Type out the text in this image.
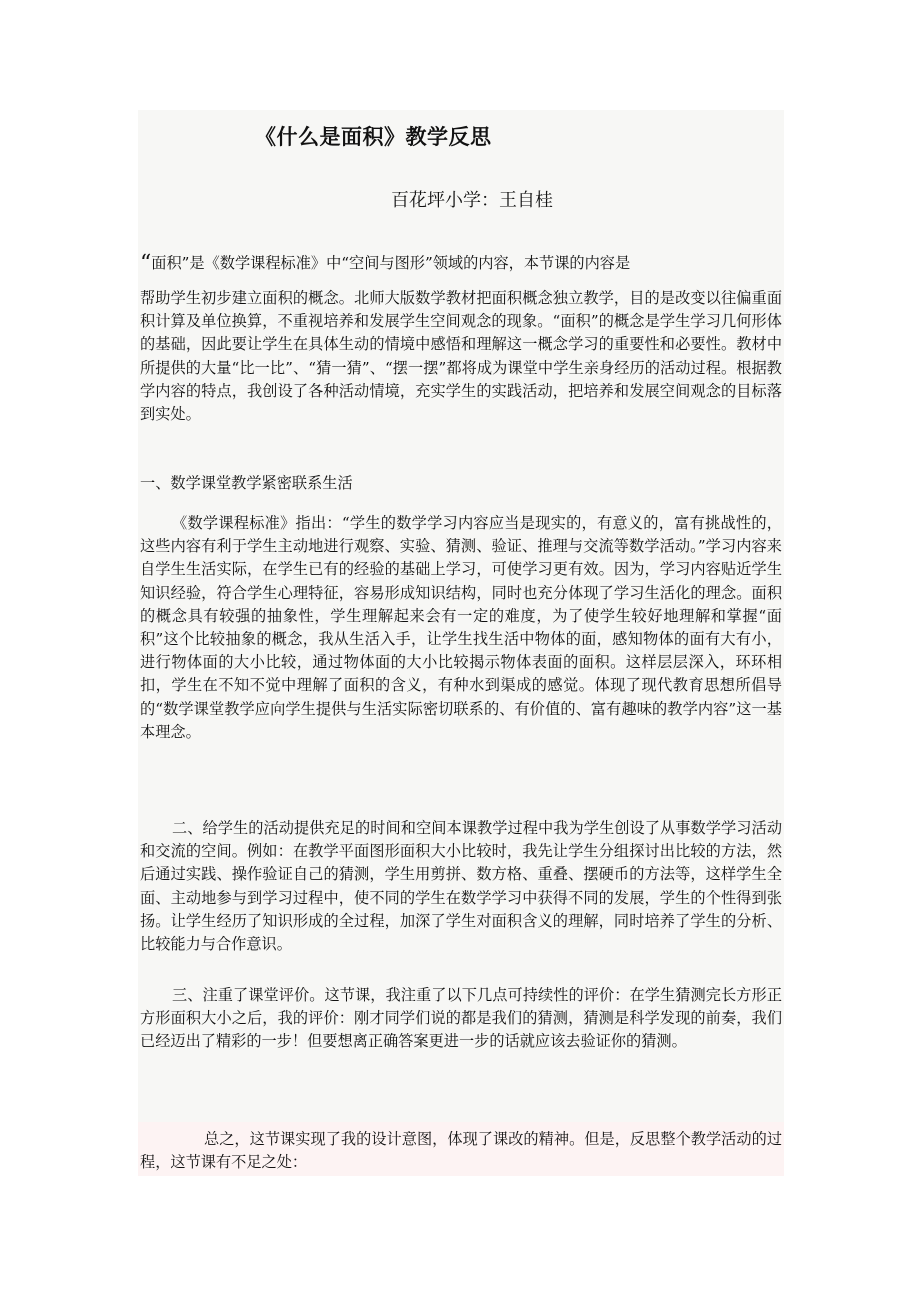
《什么是面积》教学反思
百花坪小学：王自桂
“面积”是《数学课程标准》中“空间与图形”领域的内容，本节课的内容是

帮助学生初步建立面积的概念。北师大版数学教材把面积概念独立教学，目的是改变以往偏重面积计算及单位换算，不重视培养和发展学生空间观念的现象。“面积”的概念是学生学习几何形体的基础，因此要让学生在具体生动的情境中感悟和理解这一概念学习的重要性和必要性。教材中所提供的大量“比一比”、“猜一猜”、“摆一摆”都将成为课堂中学生亲身经历的活动过程。根据教学内容的特点，我创设了各种活动情境，充实学生的实践活动，把培养和发展空间观念的目标落到实处。

一、数学课堂教学紧密联系生活

《数学课程标准》指出：“学生的数学学习内容应当是现实的，有意义的，富有挑战性的，这些内容有利于学生主动地进行观察、实验、猜测、验证、推理与交流等数学活动。”学习内容来自学生生活实际，在学生已有的经验的基础上学习，可使学习更有效。因为，学习内容贴近学生知识经验，符合学生心理特征，容易形成知识结构，同时也充分体现了学习生活化的理念。面积的概念具有较强的抽象性，学生理解起来会有一定的难度，为了使学生较好地理解和掌握“面积”这个比较抽象的概念，我从生活入手，让学生找生活中物体的面，感知物体的面有大有小，进行物体面的大小比较，通过物体面的大小比较揭示物体表面的面积。这样层层深入，环环相扣，学生在不知不觉中理解了面积的含义，有种水到渠成的感觉。体现了现代教育思想所倡导的“数学课堂教学应向学生提供与生活实际密切联系的、有价值的、富有趣味的教学内容”这一基本理念。

二、给学生的活动提供充足的时间和空间本课教学过程中我为学生创设了从事数学学习活动和交流的空间。例如：在教学平面图形面积大小比较时，我先让学生分组探讨出比较的方法，然后通过实践、操作验证自己的猜测，学生用剪拼、数方格、重叠、摆硬币的方法等，这样学生全面、主动地参与到学习过程中，使不同的学生在数学学习中获得不同的发展，学生的个性得到张扬。让学生经历了知识形成的全过程，加深了学生对面积含义的理解，同时培养了学生的分析、比较能力与合作意识。

三、注重了课堂评价。这节课，我注重了以下几点可持续性的评价：在学生猜测完长方形正方形面积大小之后，我的评价：刚才同学们说的都是我们的猜测，猜测是科学发现的前奏，我们已经迈出了精彩的一步！但要想离正确答案更进一步的话就应该去验证你的猜测。

总之，这节课实现了我的设计意图，体现了课改的精神。但是，反思整个教学活动的过程，这节课有不足之处：
